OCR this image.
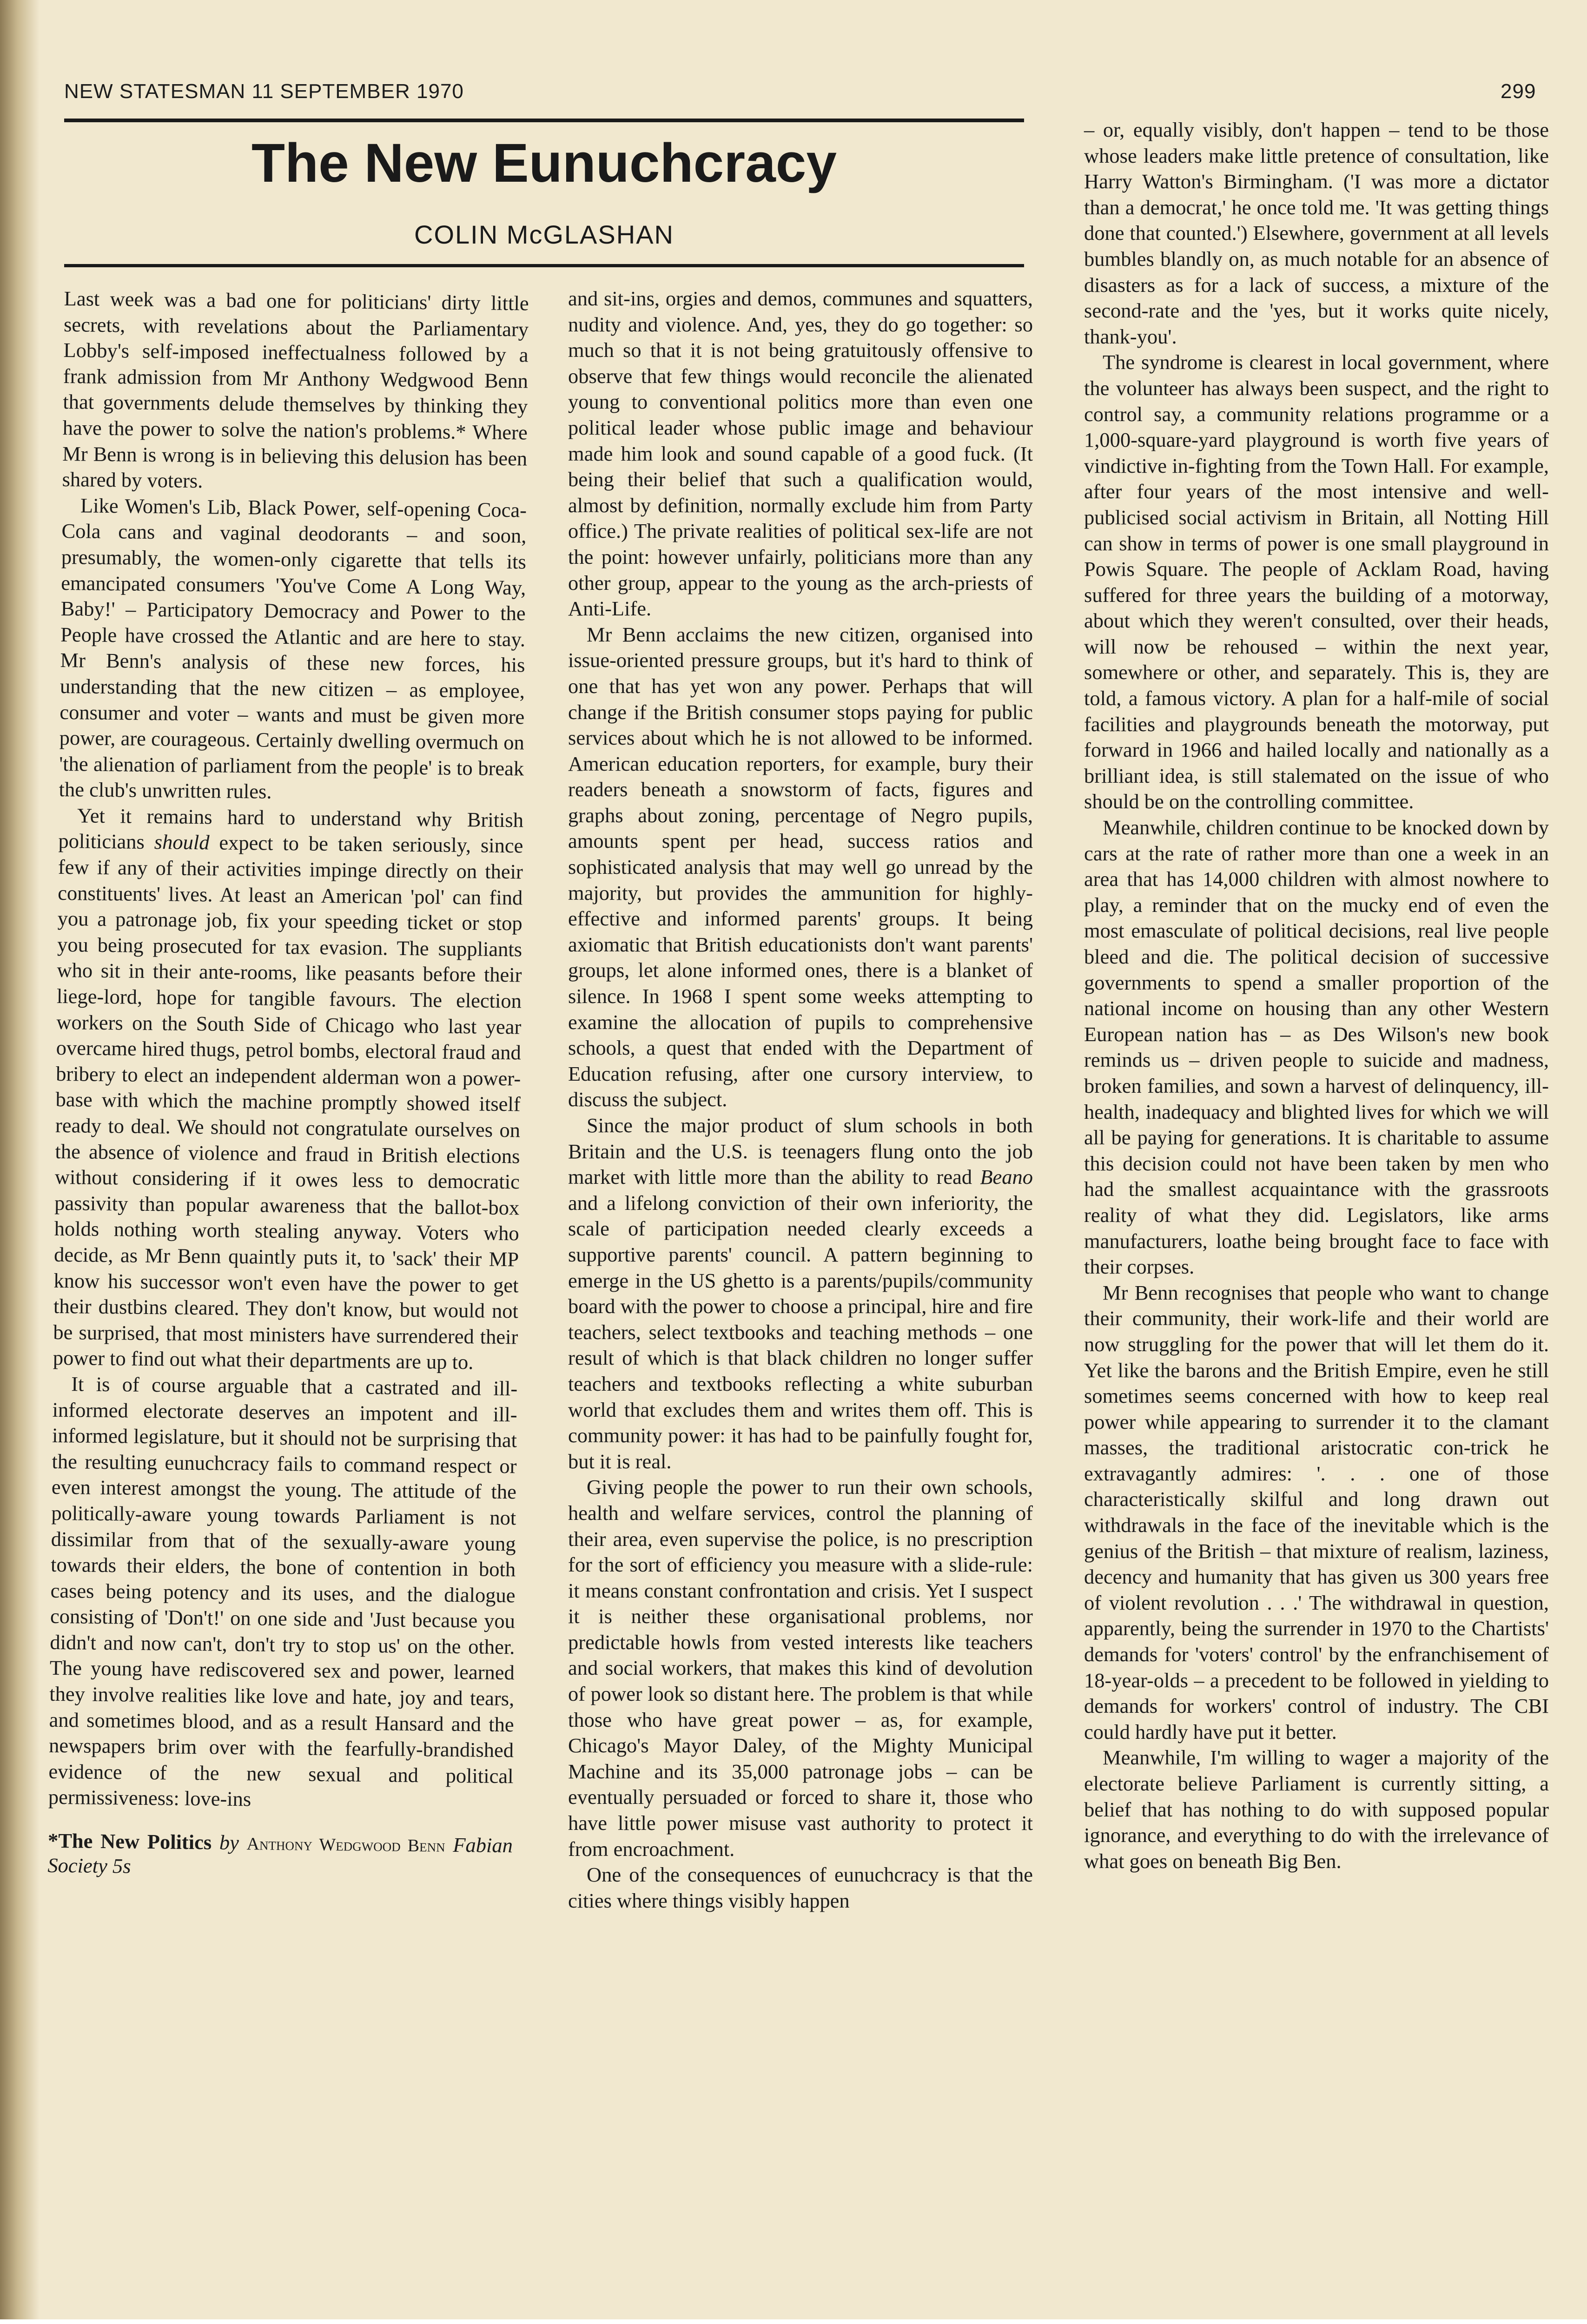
NEW STATESMAN 11 SEPTEMBER 1970	299
The New Eunuchcracy
COLIN McGLASHAN

Last week was a bad one for politicians' dirty little secrets, with revelations about the Parliamentary Lobby's self-imposed ineffectualness followed by a frank admission from Mr Anthony Wedgwood Benn that governments delude themselves by thinking they have the power to solve the nation's problems.* Where Mr Benn is wrong is in believing this delusion has been shared by voters.

Like Women's Lib, Black Power, self-opening Coca-Cola cans and vaginal deodorants – and soon, presumably, the women-only cigarette that tells its emancipated consumers 'You've Come A Long Way, Baby!' – Participatory Democracy and Power to the People have crossed the Atlantic and are here to stay. Mr Benn's analysis of these new forces, his understanding that the new citizen – as employee, consumer and voter – wants and must be given more power, are courageous. Certainly dwelling overmuch on 'the alienation of parliament from the people' is to break the club's unwritten rules.

Yet it remains hard to understand why British politicians should expect to be taken seriously, since few if any of their activities impinge directly on their constituents' lives. At least an American 'pol' can find you a patronage job, fix your speeding ticket or stop you being prosecuted for tax evasion. The suppliants who sit in their ante-rooms, like peasants before their liege-lord, hope for tangible favours. The election workers on the South Side of Chicago who last year overcame hired thugs, petrol bombs, electoral fraud and bribery to elect an independent alderman won a power-base with which the machine promptly showed itself ready to deal. We should not congratulate ourselves on the absence of violence and fraud in British elections without considering if it owes less to democratic passivity than popular awareness that the ballot-box holds nothing worth stealing anyway. Voters who decide, as Mr Benn quaintly puts it, to 'sack' their MP know his successor won't even have the power to get their dustbins cleared. They don't know, but would not be surprised, that most ministers have surrendered their power to find out what their departments are up to.

It is of course arguable that a castrated and ill-informed electorate deserves an impotent and ill-informed legislature, but it should not be surprising that the resulting eunuchcracy fails to command respect or even interest amongst the young. The attitude of the politically-aware young towards Parliament is not dissimilar from that of the sexually-aware young towards their elders, the bone of contention in both cases being potency and its uses, and the dialogue consisting of 'Don't!' on one side and 'Just because you didn't and now can't, don't try to stop us' on the other. The young have rediscovered sex and power, learned they involve realities like love and hate, joy and tears, and sometimes blood, and as a result Hansard and the newspapers brim over with the fearfully-brandished evidence of the new sexual and political permissiveness: love-ins

*The New Politics by Anthony Wedgwood Benn Fabian Society 5s

and sit-ins, orgies and demos, communes and squatters, nudity and violence. And, yes, they do go together: so much so that it is not being gratuitously offensive to observe that few things would reconcile the alienated young to conventional politics more than even one political leader whose public image and behaviour made him look and sound capable of a good fuck. (It being their belief that such a qualification would, almost by definition, normally exclude him from Party office.) The private realities of political sex-life are not the point: however unfairly, politicians more than any other group, appear to the young as the arch-priests of Anti-Life.

Mr Benn acclaims the new citizen, organised into issue-oriented pressure groups, but it's hard to think of one that has yet won any power. Perhaps that will change if the British consumer stops paying for public services about which he is not allowed to be informed. American education reporters, for example, bury their readers beneath a snowstorm of facts, figures and graphs about zoning, percentage of Negro pupils, amounts spent per head, success ratios and sophisticated analysis that may well go unread by the majority, but provides the ammunition for highly-effective and informed parents' groups. It being axiomatic that British educationists don't want parents' groups, let alone informed ones, there is a blanket of silence. In 1968 I spent some weeks attempting to examine the allocation of pupils to comprehensive schools, a quest that ended with the Department of Education refusing, after one cursory interview, to discuss the subject.

Since the major product of slum schools in both Britain and the U.S. is teenagers flung onto the job market with little more than the ability to read Beano and a lifelong conviction of their own inferiority, the scale of participation needed clearly exceeds a supportive parents' council. A pattern beginning to emerge in the US ghetto is a parents/pupils/community board with the power to choose a principal, hire and fire teachers, select textbooks and teaching methods – one result of which is that black children no longer suffer teachers and textbooks reflecting a white suburban world that excludes them and writes them off. This is community power: it has had to be painfully fought for, but it is real.

Giving people the power to run their own schools, health and welfare services, control the planning of their area, even supervise the police, is no prescription for the sort of efficiency you measure with a slide-rule: it means constant confrontation and crisis. Yet I suspect it is neither these organisational problems, nor predictable howls from vested interests like teachers and social workers, that makes this kind of devolution of power look so distant here. The problem is that while those who have great power – as, for example, Chicago's Mayor Daley, of the Mighty Municipal Machine and its 35,000 patronage jobs – can be eventually persuaded or forced to share it, those who have little power misuse vast authority to protect it from encroachment.

One of the consequences of eunuchcracy is that the cities where things visibly happen

– or, equally visibly, don't happen – tend to be those whose leaders make little pretence of consultation, like Harry Watton's Birmingham. ('I was more a dictator than a democrat,' he once told me. 'It was getting things done that counted.') Elsewhere, government at all levels bumbles blandly on, as much notable for an absence of disasters as for a lack of success, a mixture of the second-rate and the 'yes, but it works quite nicely, thank-you'.

The syndrome is clearest in local government, where the volunteer has always been suspect, and the right to control say, a community relations programme or a 1,000-square-yard playground is worth five years of vindictive in-fighting from the Town Hall. For example, after four years of the most intensive and well-publicised social activism in Britain, all Notting Hill can show in terms of power is one small playground in Powis Square. The people of Acklam Road, having suffered for three years the building of a motorway, about which they weren't consulted, over their heads, will now be rehoused – within the next year, somewhere or other, and separately. This is, they are told, a famous victory. A plan for a half-mile of social facilities and playgrounds beneath the motorway, put forward in 1966 and hailed locally and nationally as a brilliant idea, is still stalemated on the issue of who should be on the controlling committee.

Meanwhile, children continue to be knocked down by cars at the rate of rather more than one a week in an area that has 14,000 children with almost nowhere to play, a reminder that on the mucky end of even the most emasculate of political decisions, real live people bleed and die. The political decision of successive governments to spend a smaller proportion of the national income on housing than any other Western European nation has – as Des Wilson's new book reminds us – driven people to suicide and madness, broken families, and sown a harvest of delinquency, ill-health, inadequacy and blighted lives for which we will all be paying for generations. It is charitable to assume this decision could not have been taken by men who had the smallest acquaintance with the grassroots reality of what they did. Legislators, like arms manufacturers, loathe being brought face to face with their corpses.

Mr Benn recognises that people who want to change their community, their work-life and their world are now struggling for the power that will let them do it. Yet like the barons and the British Empire, even he still sometimes seems concerned with how to keep real power while appearing to surrender it to the clamant masses, the traditional aristocratic con-trick he extravagantly admires: '. . . one of those characteristically skilful and long drawn out withdrawals in the face of the inevitable which is the genius of the British – that mixture of realism, laziness, decency and humanity that has given us 300 years free of violent revolution . . .' The withdrawal in question, apparently, being the surrender in 1970 to the Chartists' demands for 'voters' control' by the enfranchisement of 18-year-olds – a precedent to be followed in yielding to demands for workers' control of industry. The CBI could hardly have put it better.

Meanwhile, I'm willing to wager a majority of the electorate believe Parliament is currently sitting, a belief that has nothing to do with supposed popular ignorance, and everything to do with the irrelevance of what goes on beneath Big Ben.
